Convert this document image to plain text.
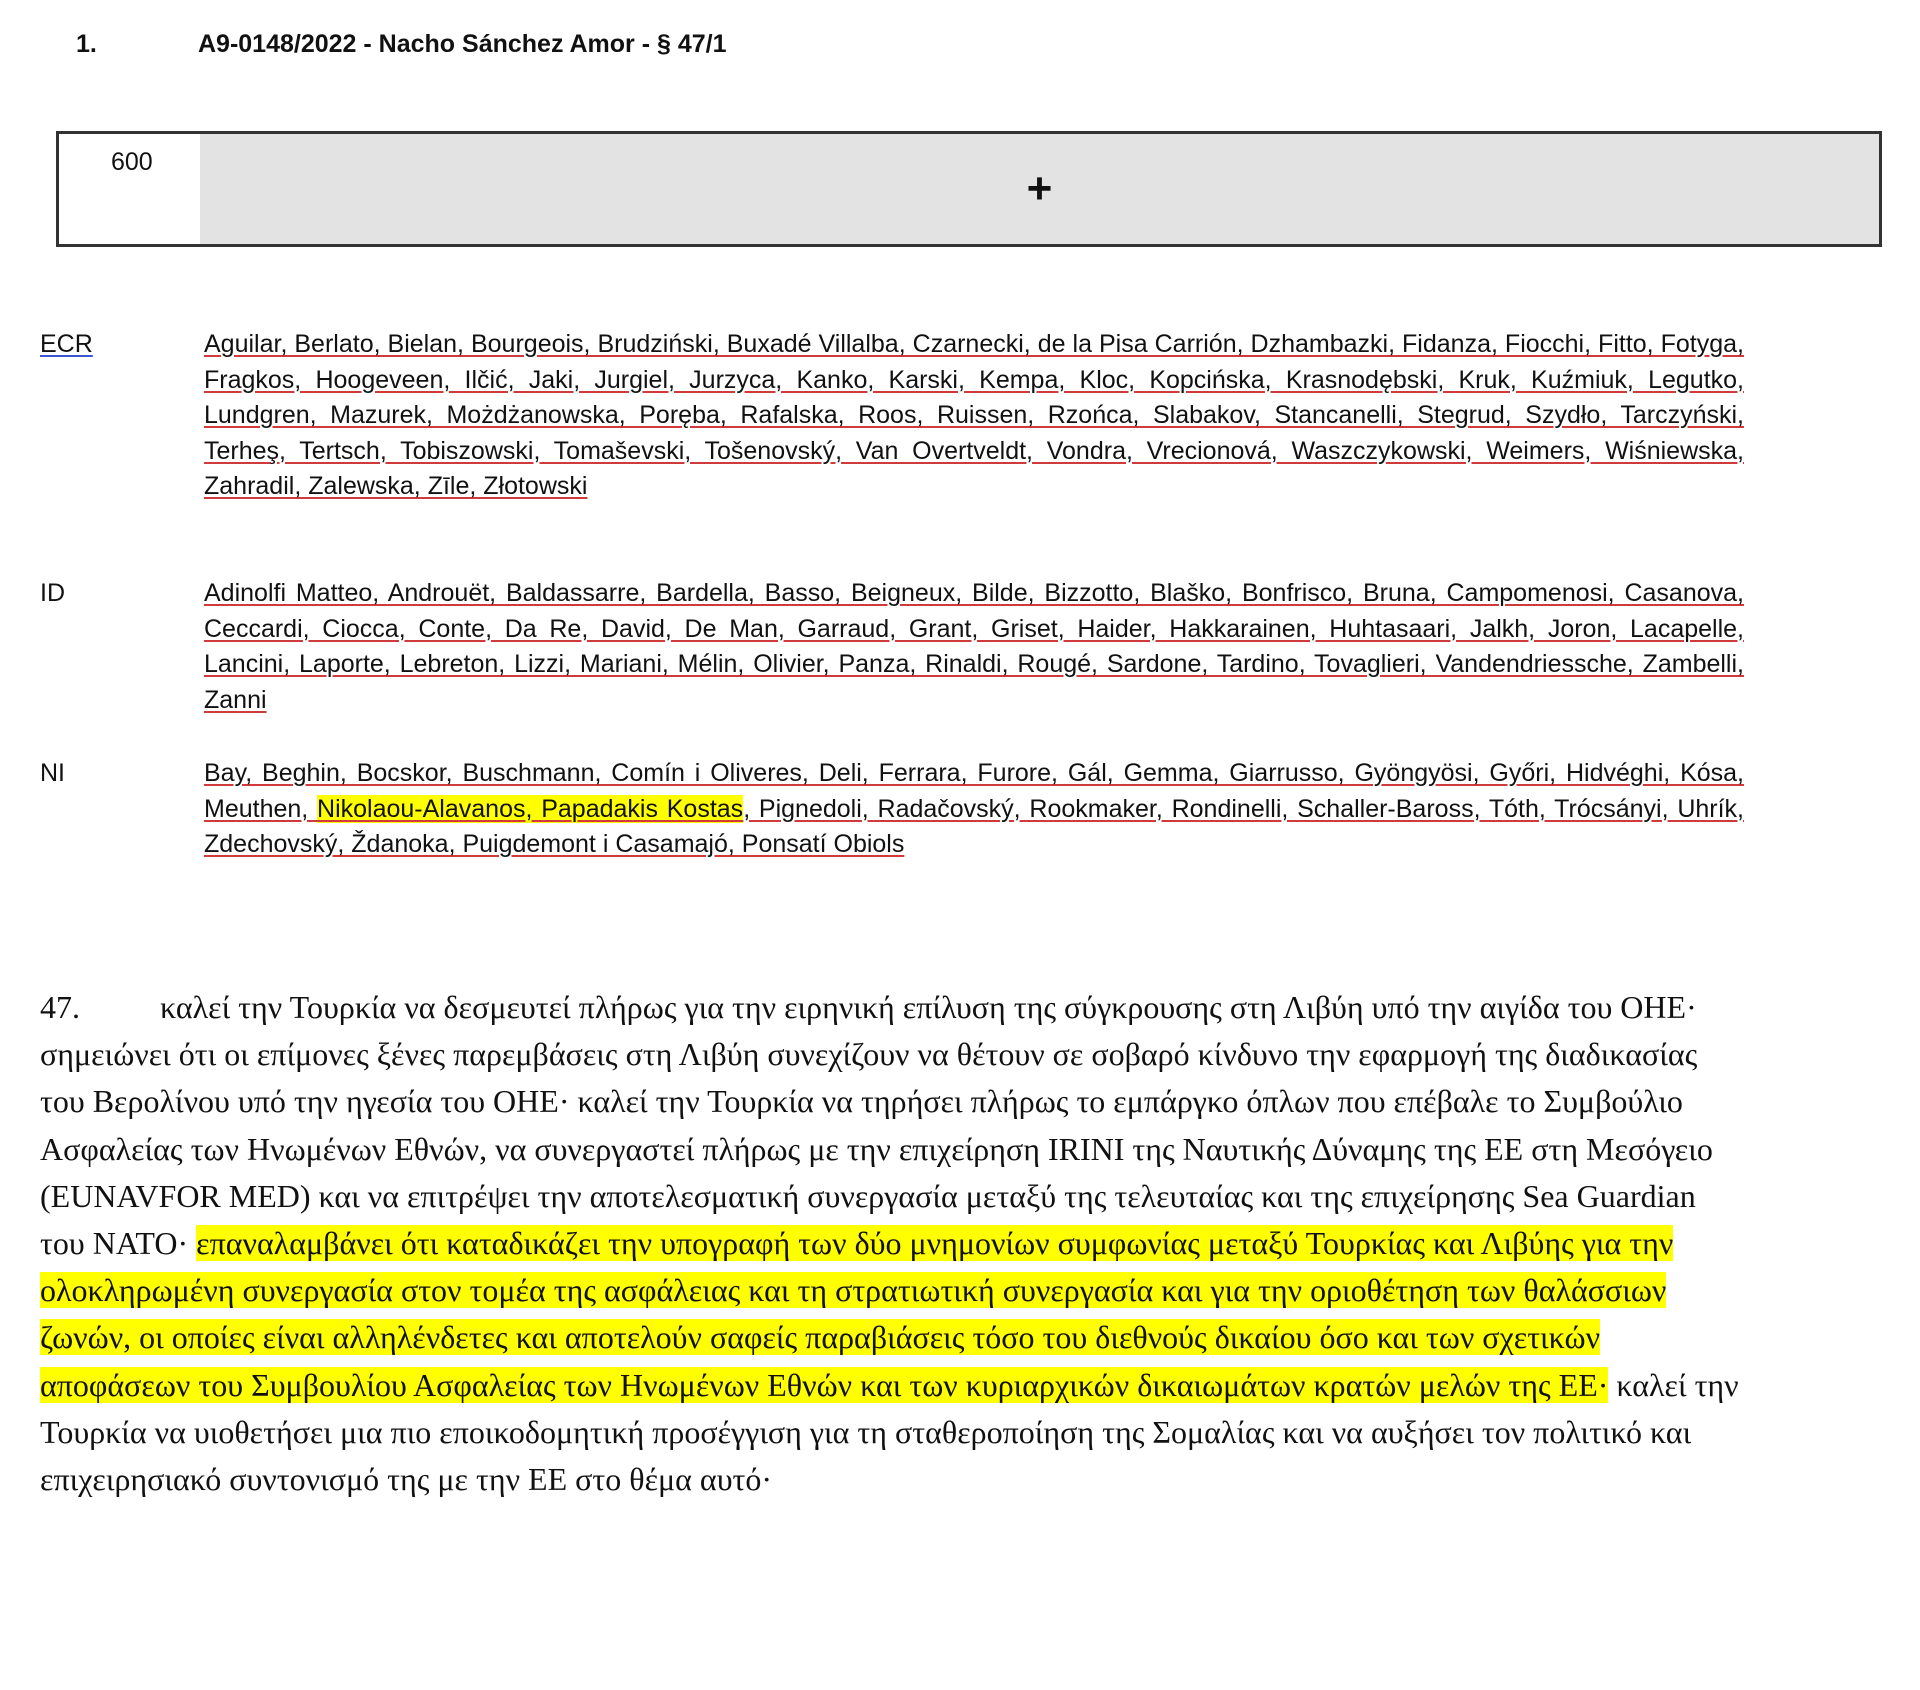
1.	A9-0148/2022 - Nacho Sánchez Amor - § 47/1
600
+
ECR	Aguilar, Berlato, Bielan, Bourgeois, Brudziński, Buxadé Villalba, Czarnecki, de la Pisa Carrión, Dzhambazki, Fidanza, Fiocchi, Fitto, Fotyga, Fragkos, Hoogeveen, Ilčić, Jaki, Jurgiel, Jurzyca, Kanko, Karski, Kempa, Kloc, Kopcińska, Krasnodębski, Kruk, Kuźmiuk, Legutko, Lundgren, Mazurek, Możdżanowska, Poręba, Rafalska, Roos, Ruissen, Rzońca, Slabakov, Stancanelli, Stegrud, Szydło, Tarczyński, Terheş, Tertsch, Tobiszowski, Tomaševski, Tošenovský, Van Overtveldt, Vondra, Vrecionová, Waszczykowski, Weimers, Wiśniewska, Zahradil, Zalewska, Zīle, Złotowski
ID	Adinolfi Matteo, Androuët, Baldassarre, Bardella, Basso, Beigneux, Bilde, Bizzotto, Blaško, Bonfrisco, Bruna, Campomenosi, Casanova, Ceccardi, Ciocca, Conte, Da Re, David, De Man, Garraud, Grant, Griset, Haider, Hakkarainen, Huhtasaari, Jalkh, Joron, Lacapelle, Lancini, Laporte, Lebreton, Lizzi, Mariani, Mélin, Olivier, Panza, Rinaldi, Rougé, Sardone, Tardino, Tovaglieri, Vandendriessche, Zambelli, Zanni
NI	Bay, Beghin, Bocskor, Buschmann, Comín i Oliveres, Deli, Ferrara, Furore, Gál, Gemma, Giarrusso, Gyöngyösi, Győri, Hidvéghi, Kósa, Meuthen, Nikolaou-Alavanos, Papadakis Kostas, Pignedoli, Radačovský, Rookmaker, Rondinelli, Schaller-Baross, Tóth, Trócsányi, Uhrík, Zdechovský, Ždanoka, Puigdemont i Casamajó, Ponsatí Obiols
47.	καλεί την Τουρκία να δεσμευτεί πλήρως για την ειρηνική επίλυση της σύγκρουσης στη Λιβύη υπό την αιγίδα του ΟΗΕ· σημειώνει ότι οι επίμονες ξένες παρεμβάσεις στη Λιβύη συνεχίζουν να θέτουν σε σοβαρό κίνδυνο την εφαρμογή της διαδικασίας του Βερολίνου υπό την ηγεσία του ΟΗΕ· καλεί την Τουρκία να τηρήσει πλήρως το εμπάργκο όπλων που επέβαλε το Συμβούλιο Ασφαλείας των Ηνωμένων Εθνών, να συνεργαστεί πλήρως με την επιχείρηση IRINI της Ναυτικής Δύναμης της ΕΕ στη Μεσόγειο (EUNAVFOR MED) και να επιτρέψει την αποτελεσματική συνεργασία μεταξύ της τελευταίας και της επιχείρησης Sea Guardian του ΝΑΤΟ· επαναλαμβάνει ότι καταδικάζει την υπογραφή των δύο μνημονίων συμφωνίας μεταξύ Τουρκίας και Λιβύης για την ολοκληρωμένη συνεργασία στον τομέα της ασφάλειας και τη στρατιωτική συνεργασία και για την οριοθέτηση των θαλάσσιων ζωνών, οι οποίες είναι αλληλένδετες και αποτελούν σαφείς παραβιάσεις τόσο του διεθνούς δικαίου όσο και των σχετικών αποφάσεων του Συμβουλίου Ασφαλείας των Ηνωμένων Εθνών και των κυριαρχικών δικαιωμάτων κρατών μελών της ΕΕ· καλεί την Τουρκία να υιοθετήσει μια πιο εποικοδομητική προσέγγιση για τη σταθεροποίηση της Σομαλίας και να αυξήσει τον πολιτικό και επιχειρησιακό συντονισμό της με την ΕΕ στο θέμα αυτό·
